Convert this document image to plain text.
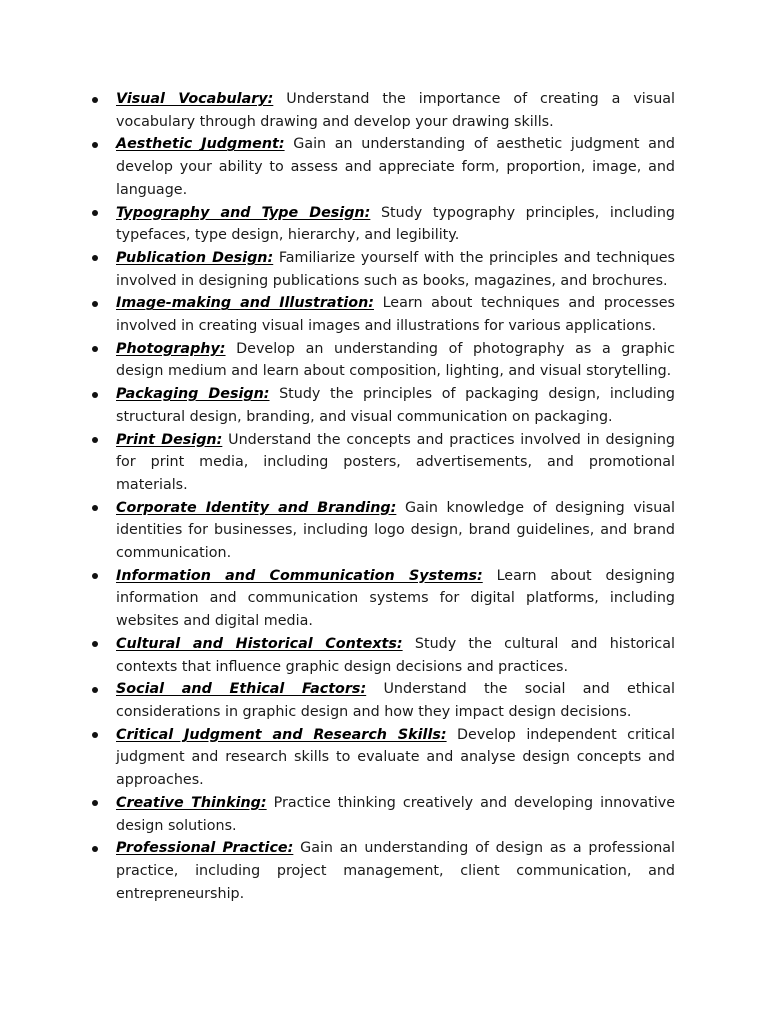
Visual Vocabulary: Understand the importance of creating a visual vocabulary through drawing and develop your drawing skills.
Aesthetic Judgment: Gain an understanding of aesthetic judgment and develop your ability to assess and appreciate form, proportion, image, and language.
Typography and Type Design: Study typography principles, including typefaces, type design, hierarchy, and legibility.
Publication Design: Familiarize yourself with the principles and techniques involved in designing publications such as books, magazines, and brochures.
Image-making and Illustration: Learn about techniques and processes involved in creating visual images and illustrations for various applications.
Photography: Develop an understanding of photography as a graphic design medium and learn about composition, lighting, and visual storytelling.
Packaging Design: Study the principles of packaging design, including structural design, branding, and visual communication on packaging.
Print Design: Understand the concepts and practices involved in designing for print media, including posters, advertisements, and promotional materials.
Corporate Identity and Branding: Gain knowledge of designing visual identities for businesses, including logo design, brand guidelines, and brand communication.
Information and Communication Systems: Learn about designing information and communication systems for digital platforms, including websites and digital media.
Cultural and Historical Contexts: Study the cultural and historical contexts that influence graphic design decisions and practices.
Social and Ethical Factors: Understand the social and ethical considerations in graphic design and how they impact design decisions.
Critical Judgment and Research Skills: Develop independent critical judgment and research skills to evaluate and analyse design concepts and approaches.
Creative Thinking: Practice thinking creatively and developing innovative design solutions.
Professional Practice: Gain an understanding of design as a professional practice, including project management, client communication, and entrepreneurship.
